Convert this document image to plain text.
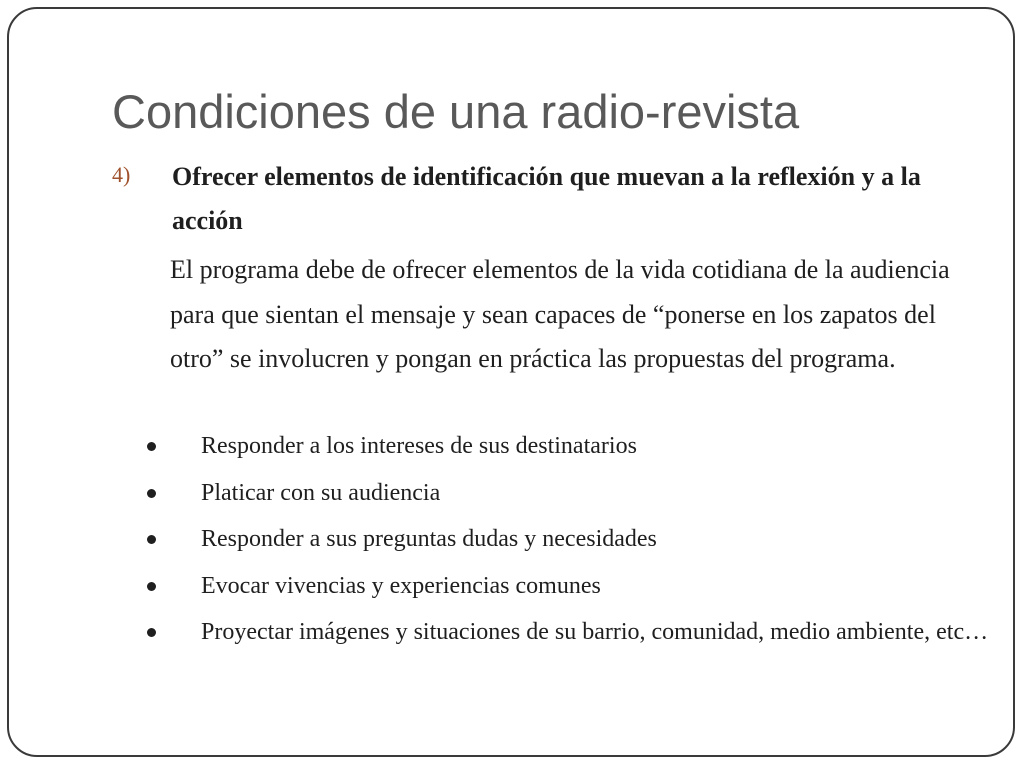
Condiciones de una radio-revista
4) Ofrecer elementos de identificación que muevan a la reflexión y a la acción

El programa debe de ofrecer elementos de la vida cotidiana de la audiencia para que sientan el mensaje y sean capaces de “ponerse en los zapatos del otro” se involucren y pongan en práctica las propuestas del programa.

Responder a los intereses de sus destinatarios
Platicar con su audiencia
Responder a sus preguntas dudas y necesidades
Evocar vivencias y experiencias comunes
Proyectar imágenes y situaciones de su barrio, comunidad, medio ambiente, etc…
